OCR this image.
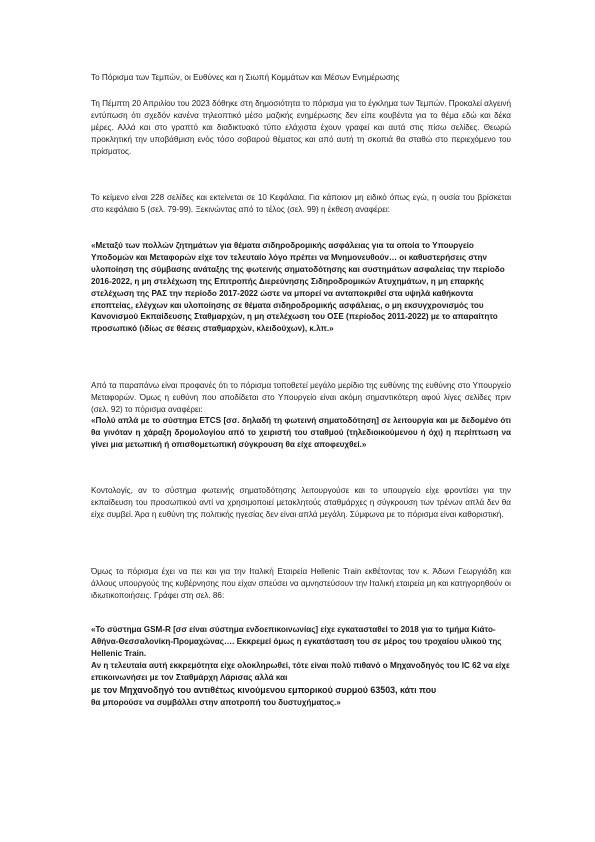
Το Πόρισμα των Τεμπών, οι Ευθύνες και η Σιωπή Κομμάτων και Μέσων Ενημέρωσης

Τη Πέμπτη 20 Απριλίου του 2023 δόθηκε στη δημοσιότητα το πόρισμα για το έγκλημα των Τεμπών. Προκαλεί αλγεινή εντύπωση ότι σχεδόν κανένα τηλεοπτικό μέσο μαζικής ενημέρωσης δεν είπε κουβέντα για το θέμα εδώ και δέκα μέρες. Αλλά και στο γραπτό και διαδικτυακό τύπο ελάχιστα έχουν γραφεί και αυτά στις πίσω σελίδες. Θεωρώ προκλητική την υποβάθμιση ενός τόσο σοβαρού θέματος και από αυτή τη σκοπιά θα σταθώ στο περιεχόμενο του πρίσματος.

Το κείμενο είναι 228 σελίδες και εκτείνεται σε 10 Κεφάλαια. Για κάποιον μη ειδικό όπως εγώ, η ουσία του βρίσκεται στο κεφάλαιο 5 (σελ. 79-99). Ξεκινώντας από το τέλος (σελ. 99) η έκθεση αναφέρει:

«Μεταξύ των πολλών ζητημάτων για θέματα σιδηροδρομικής ασφάλειας για τα οποία το Υπουργείο Υποδομών και Μεταφορών είχε τον τελευταίο λόγο πρέπει να Μνημονευθούν… οι καθυστερήσεις στην υλοποίηση της σύμβασης ανάταξης της φωτεινής σηματοδότησης και συστημάτων ασφαλείας την περίοδο 2016-2022, η μη στελέχωση της Επιτροπής Διερεύνησης Σιδηροδρομικών Ατυχημάτων, η μη επαρκής στελέχωση της ΡΑΣ την περίοδο 2017-2022 ώστε να μπορεί να ανταποκριθεί στα υψηλά καθήκοντα εποπτείας, ελέγχων και υλοποίησης σε θέματα σιδηροδρομικής ασφάλειας, ο μη εκσυγχρονισμός του Κανονισμού Εκπαίδευσης Σταθμαρχών, η μη στελέχωση του ΟΣΕ (περίοδος 2011-2022) με το απαραίτητο προσωπικό (ιδίως σε θέσεις σταθμαρχών, κλειδούχων), κ.λπ.»

Από τα παραπάνω είναι προφανές ότι το πόρισμα τοποθετεί μεγάλο μερίδιο της ευθύνης της ευθύνης στο Υπουργείο Μεταφορών. Όμως η ευθύνη που αποδίδεται στο Υπουργείο είναι ακόμη σημαντικότερη αφού λίγες σελίδες πριν (σελ. 92) το πόρισμα αναφέρει:

«Πολύ απλά με το σύστημα ETCS [σσ. δηλαδή τη φωτεινή σηματοδότηση] σε λειτουργία και με δεδομένο ότι θα γινόταν η χάραξη δρομολογίου από το χειριστή του σταθμού (τηλεδιοικούμενου ή όχι) η περίπτωση να γίνει μια μετωπική ή οπισθομετωπική σύγκρουση θα είχε αποφευχθεί.»

Κοντολογίς, αν το σύστημα φωτεινής σηματοδότησης λειτουργούσε και το υπουργείο είχε φροντίσει για την εκπαίδευση του προσωπικού αντί να χρησιμοποιεί μετακλητούς σταθμάρχες η σύγκρουση των τρένων απλά δεν θα είχε συμβεί. Άρα η ευθύνη της πολιτικής ηγεσίας δεν είναι απλά μεγάλη. Σύμφωνα με το πόρισμα είναι καθοριστική.

Όμως το πόρισμα έχει να πει και για την Ιταλική Εταιρεία Hellenic Train εκθέτοντας τον κ. Άδωνι Γεωργιάδη και άλλους υπουργούς της κυβέρνησης που είχαν σπεύσει να αμνηστεύσουν την Ιταλική εταιρεία μη και κατηγορηθούν οι ιδιωτικοποιήσεις. Γράφει στη σελ. 86:

«Το σύστημα GSM-R [σσ είναι σύστημα ενδοεπικοινωνίας] είχε εγκατασταθεί το 2018 για το τμήμα Κιάτο-Αθήνα-Θεσσαλονίκη-Προμαχώνας…. Εκκρεμεί όμως η εγκατάσταση του σε μέρος του τροχαίου υλικού της Hellenic Train.
Αν η τελευταία αυτή εκκρεμότητα είχε ολοκληρωθεί, τότε είναι πολύ πιθανό ο Μηχανοδηγός του IC 62 να είχε επικοινωνήσει με τον Σταθμάρχη Λάρισας αλλά και
με τον Μηχανοδηγό του αντιθέτως κινούμενου εμπορικού συρμού 63503, κάτι που
θα μπορούσε να συμβάλλει στην αποτροπή του δυστυχήματος.»
